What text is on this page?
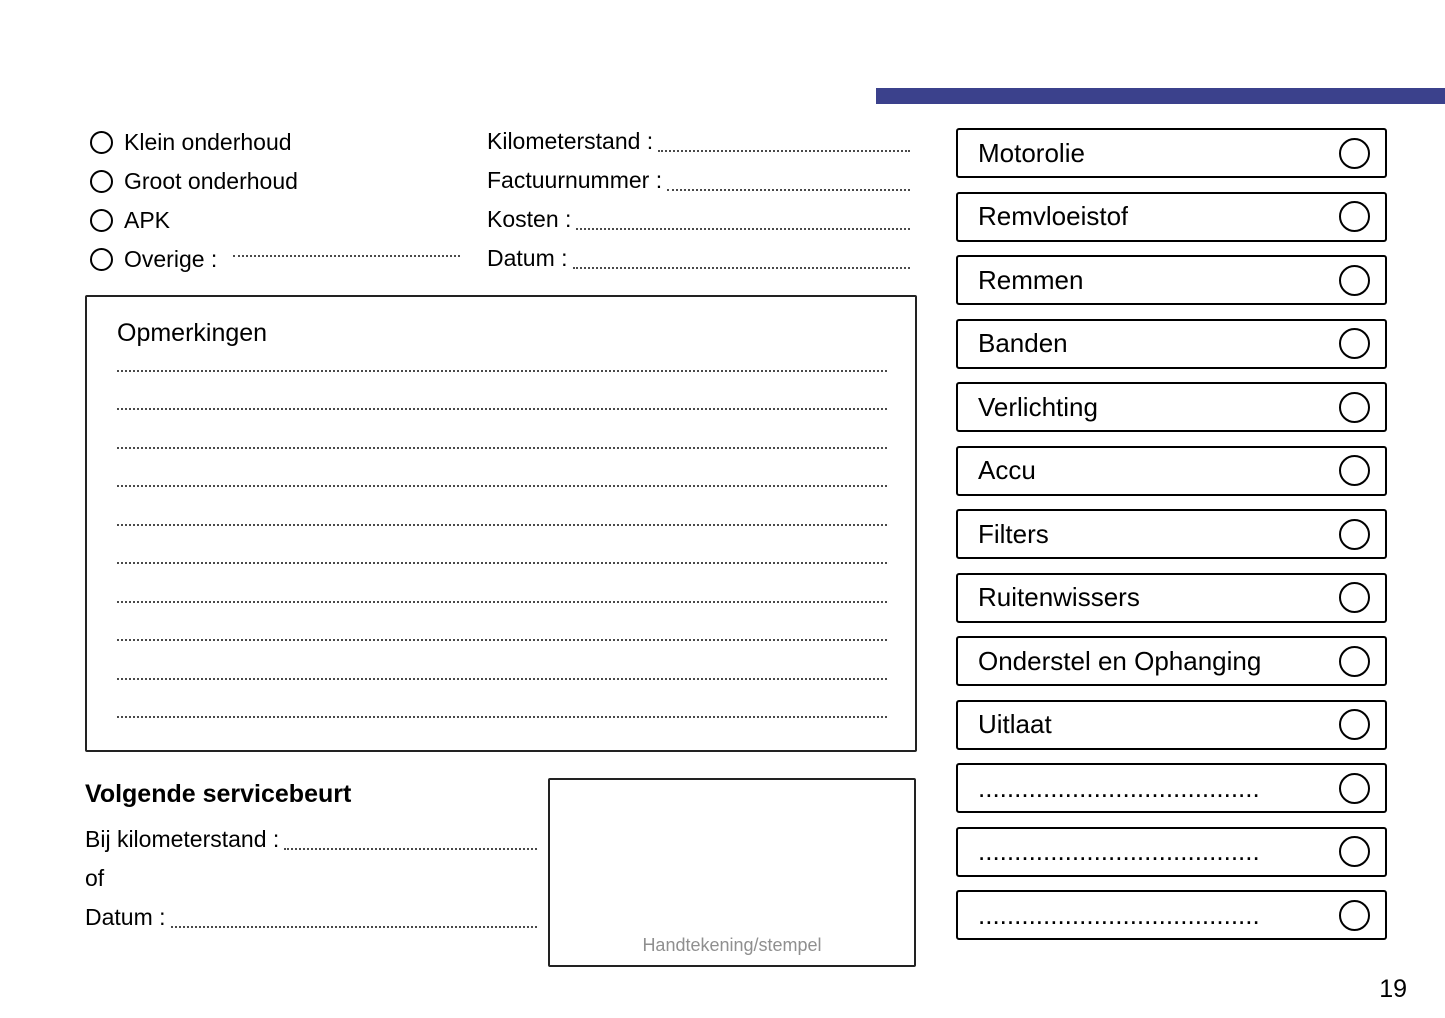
Klein onderhoud
Groot onderhoud
APK
Overige :
Kilometerstand :
Factuurnummer :
Kosten :
Datum :
Opmerkingen
Volgende servicebeurt
Bij kilometerstand :
of
Datum :
Handtekening/stempel
Motorolie
Remvloeistof
Remmen
Banden
Verlichting
Accu
Filters
Ruitenwissers
Onderstel en Ophanging
Uitlaat
.......................................
.......................................
.......................................
19
